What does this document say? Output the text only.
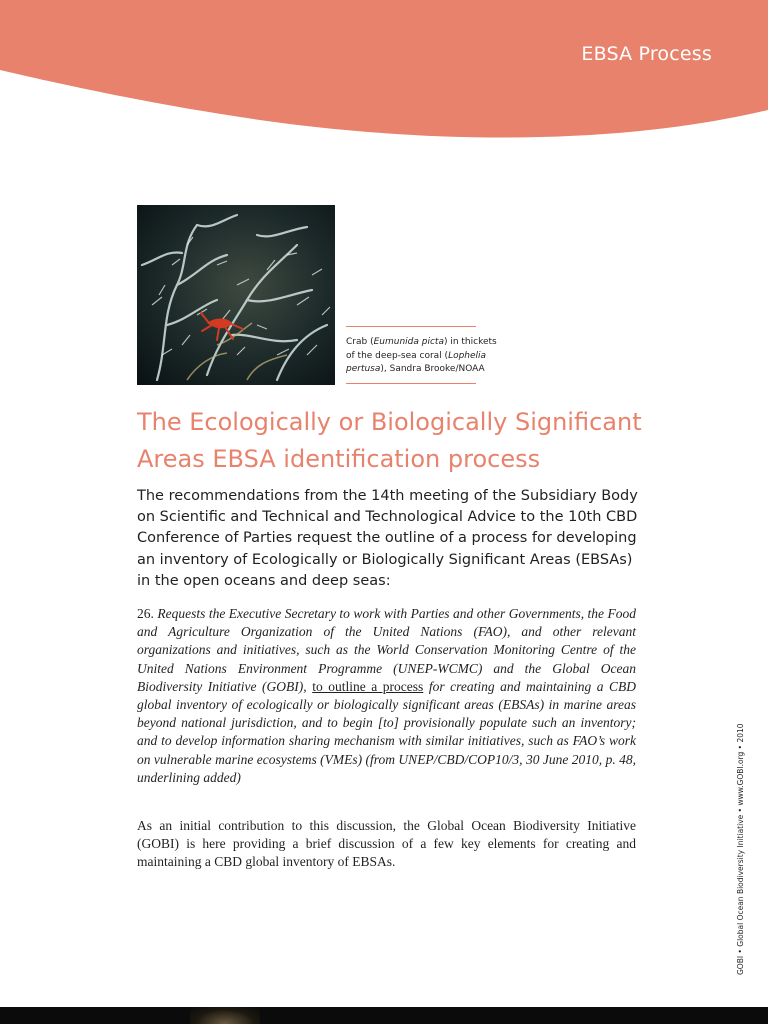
EBSA Process
Crab (Eumunida picta) in thickets of the deep-sea coral (Lophelia pertusa), Sandra Brooke/NOAA
The Ecologically or Biologically Significant Areas EBSA identification process

The recommendations from the 14th meeting of the Subsidiary Body on Scientific and Technical and Technological Advice to the 10th CBD Conference of Parties request the outline of a process for developing an inventory of Ecologically or Biologically Significant Areas (EBSAs) in the open oceans and deep seas:

26. Requests the Executive Secretary to work with Parties and other Governments, the Food and Agriculture Organization of the United Nations (FAO), and other relevant organizations and initiatives, such as the World Conservation Monitoring Centre of the United Nations Environment Programme (UNEP-WCMC) and the Global Ocean Biodiversity Initiative (GOBI), to outline a process for creating and maintaining a CBD global inventory of ecologically or biologically significant areas (EBSAs) in marine areas beyond national jurisdiction, and to begin [to] provisionally populate such an inventory; and to develop information sharing mechanism with similar initiatives, such as FAO’s work on vulnerable marine ecosystems (VMEs) (from UNEP/CBD/COP10/3, 30 June 2010, p. 48, underlining added)

As an initial contribution to this discussion, the Global Ocean Biodiversity Initiative (GOBI) is here providing a brief discussion of a few key elements for creating and maintaining a CBD global inventory of EBSAs.	GOBI • Global Ocean Biodiversity Initiative • www.GOBI.org • 2010
